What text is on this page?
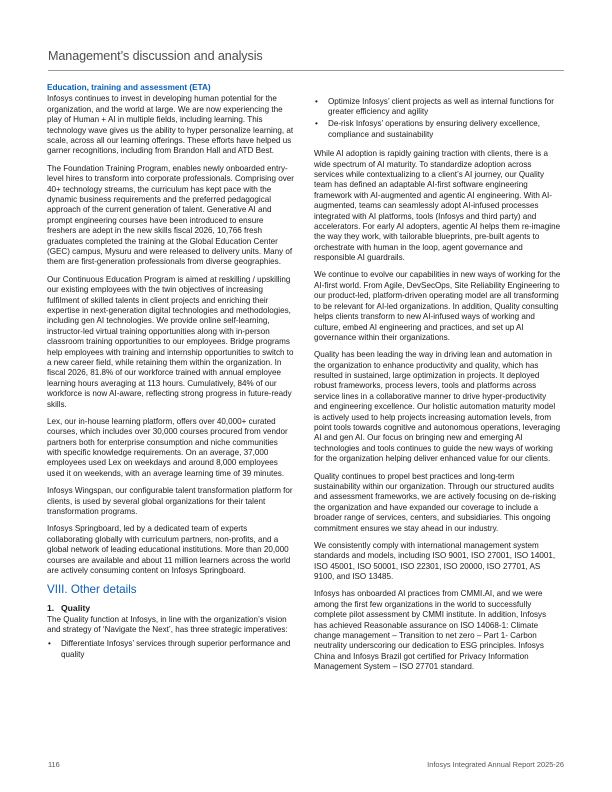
Management’s discussion and analysis
Education, training and assessment (ETA)

Infosys continues to invest in developing human potential for the organization, and the world at large. We are now experiencing the play of Human + AI in multiple fields, including learning. This technology wave gives us the ability to hyper personalize learning, at scale, across all our learning offerings. These efforts have helped us garner recognitions, including from Brandon Hall and ATD Best.

The Foundation Training Program, enables newly onboarded entry-level hires to transform into corporate professionals. Comprising over 40+ technology streams, the curriculum has kept pace with the dynamic business requirements and the preferred pedagogical approach of the current generation of talent. Generative AI and prompt engineering courses have been introduced to ensure freshers are adept in the new skills fiscal 2026, 10,766 fresh graduates completed the training at the Global Education Center (GEC) campus, Mysuru and were released to delivery units. Many of them are first-generation professionals from diverse geographies.

Our Continuous Education Program is aimed at reskilling / upskilling our existing employees with the twin objectives of increasing fulfilment of skilled talents in client projects and enriching their expertise in next-generation digital technologies and methodologies, including gen AI technologies. We provide online self-learning, instructor-led virtual training opportunities along with in-person classroom training opportunities to our employees. Bridge programs help employees with training and internship opportunities to switch to a new career field, while retaining them within the organization. In fiscal 2026, 81.8% of our workforce trained with annual employee learning hours averaging at 113 hours. Cumulatively, 84% of our workforce is now AI-aware, reflecting strong progress in future-ready skills.

Lex, our in-house learning platform, offers over 40,000+ curated courses, which includes over 30,000 courses procured from vendor partners both for enterprise consumption and niche communities with specific knowledge requirements. On an average, 37,000 employees used Lex on weekdays and around 8,000 employees used it on weekends, with an average learning time of 39 minutes.

Infosys Wingspan, our configurable talent transformation platform for clients, is used by several global organizations for their talent transformation programs.

Infosys Springboard, led by a dedicated team of experts collaborating globally with curriculum partners, non-profits, and a global network of leading educational institutions. More than 20,000 courses are available and about 11 million learners across the world are actively consuming content on Infosys Springboard.

VIII. Other details
1. Quality

The Quality function at Infosys, in line with the organization’s vision and strategy of ‘Navigate the Next’, has three strategic imperatives:

• Differentiate Infosys’ services through superior performance and quality
• Optimize Infosys’ client projects as well as internal functions for greater efficiency and agility
• De-risk Infosys’ operations by ensuring delivery excellence, compliance and sustainability

While AI adoption is rapidly gaining traction with clients, there is a wide spectrum of AI maturity. To standardize adoption across services while contextualizing to a client’s AI journey, our Quality team has defined an adaptable AI-first software engineering framework with AI-augmented and agentic AI engineering. With AI-augmented, teams can seamlessly adopt AI-infused processes integrated with AI platforms, tools (Infosys and third party) and accelerators. For early AI adopters, agentic AI helps them re-imagine the way they work, with tailorable blueprints, pre-built agents to orchestrate with human in the loop, agent governance and responsible AI guardrails.

We continue to evolve our capabilities in new ways of working for the AI-first world. From Agile, DevSecOps, Site Reliability Engineering to our product-led, platform-driven operating model are all transforming to be relevant for AI-led organizations. In addition, Quality consulting helps clients transform to new AI-infused ways of working and culture, embed AI engineering and practices, and set up AI governance within their organizations.

Quality has been leading the way in driving lean and automation in the organization to enhance productivity and quality, which has resulted in sustained, large optimization in projects. It deployed robust frameworks, process levers, tools and platforms across service lines in a collaborative manner to drive hyper-productivity and engineering excellence. Our holistic automation maturity model is actively used to help projects increasing automation levels, from point tools towards cognitive and autonomous operations, leveraging AI and gen AI. Our focus on bringing new and emerging AI technologies and tools continues to guide the new ways of working for the organization helping deliver enhanced value for our clients.

Quality continues to propel best practices and long-term sustainability within our organization. Through our structured audits and assessment frameworks, we are actively focusing on de-risking the organization and have expanded our coverage to include a broader range of services, centers, and subsidiaries. This ongoing commitment ensures we stay ahead in our industry.

We consistently comply with international management system standards and models, including ISO 9001, ISO 27001, ISO 14001, ISO 45001, ISO 50001, ISO 22301, ISO 20000, ISO 27701, AS 9100, and ISO 13485.

Infosys has onboarded AI practices from CMMI.AI, and we were among the first few organizations in the world to successfully complete pilot assessment by CMMI institute. In addition, Infosys has achieved Reasonable assurance on ISO 14068-1: Climate change management – Transition to net zero – Part 1- Carbon neutrality underscoring our dedication to ESG principles. Infosys China and Infosys Brazil got certified for Privacy Information Management System – ISO 27701 standard.

116	Infosys Integrated Annual Report 2025-26
